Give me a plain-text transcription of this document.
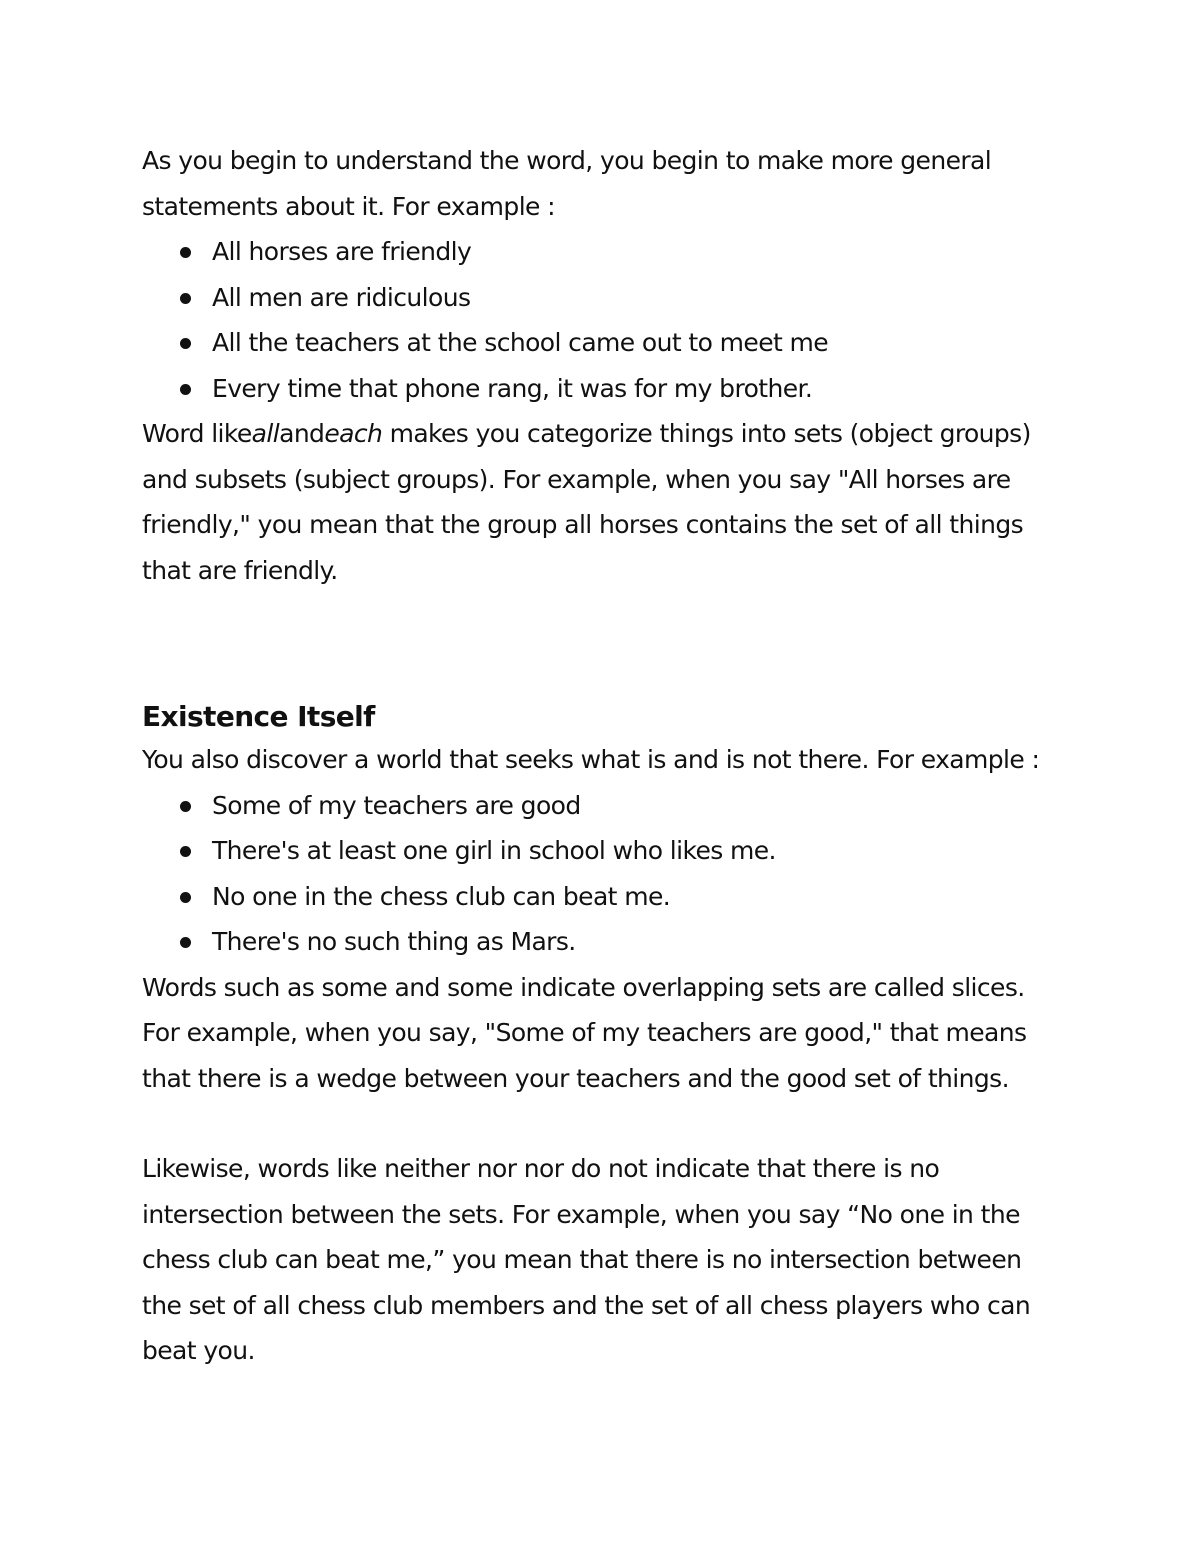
As you begin to understand the word, you begin to make more general statements about it. For example :

All horses are friendly
All men are ridiculous
All the teachers at the school came out to meet me
Every time that phone rang, it was for my brother.

Word likeallandeach makes you categorize things into sets (object groups) and subsets (subject groups). For example, when you say "All horses are friendly," you mean that the group all horses contains the set of all things that are friendly.

Existence Itself

You also discover a world that seeks what is and is not there. For example :

Some of my teachers are good
There's at least one girl in school who likes me.
No one in the chess club can beat me.
There's no such thing as Mars.

Words such as some and some indicate overlapping sets are called slices. For example, when you say, "Some of my teachers are good," that means that there is a wedge between your teachers and the good set of things.

Likewise, words like neither nor nor do not indicate that there is no intersection between the sets. For example, when you say “No one in the chess club can beat me,” you mean that there is no intersection between the set of all chess club members and the set of all chess players who can beat you.
